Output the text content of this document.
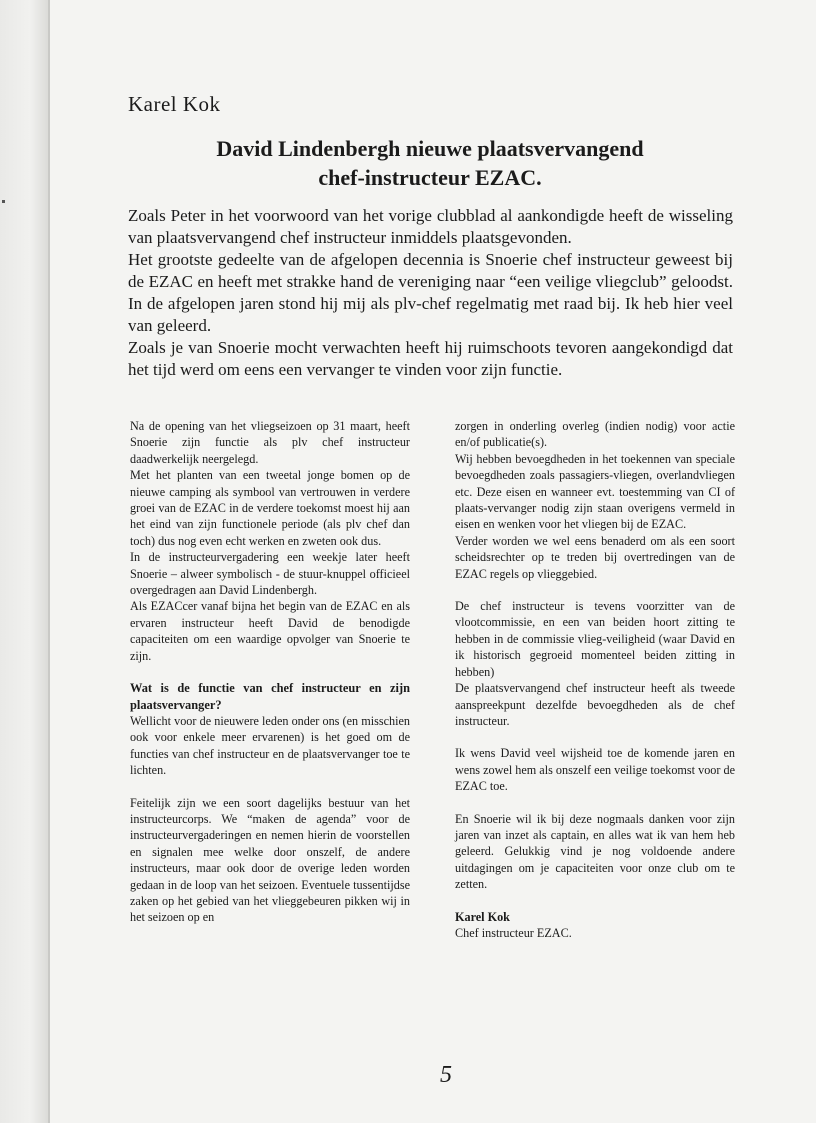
Karel Kok
David Lindenbergh nieuwe plaatsvervangend
chef-instructeur EZAC.

Zoals Peter in het voorwoord van het vorige clubblad al aankondigde heeft de wisseling van plaatsvervangend chef instructeur inmiddels plaatsgevonden.

Het grootste gedeelte van de afgelopen decennia is Snoerie chef instructeur geweest bij de EZAC en heeft met strakke hand de vereniging naar “een veilige vliegclub” geloodst. In de afgelopen jaren stond hij mij als plv-chef regelmatig met raad bij. Ik heb hier veel van geleerd.

Zoals je van Snoerie mocht verwachten heeft hij ruimschoots tevoren aangekondigd dat het tijd werd om eens een vervanger te vinden voor zijn functie.

Na de opening van het vliegseizoen op 31 maart, heeft Snoerie zijn functie als plv chef instructeur daadwerkelijk neergelegd.

Met het planten van een tweetal jonge bomen op de nieuwe camping als symbool van vertrouwen in verdere groei van de EZAC in de verdere toekomst moest hij aan het eind van zijn functionele periode (als plv chef dan toch) dus nog even echt werken en zweten ook dus.

In de instructeurvergadering een weekje later heeft Snoerie – alweer symbolisch - de stuur-knuppel officieel overgedragen aan David Lindenbergh.

Als EZACcer vanaf bijna het begin van de EZAC en als ervaren instructeur heeft David de benodigde capaciteiten om een waardige opvolger van Snoerie te zijn.

Wat is de functie van chef instructeur en zijn plaatsvervanger?

Wellicht voor de nieuwere leden onder ons (en misschien ook voor enkele meer ervarenen) is het goed om de functies van chef instructeur en de plaatsvervanger toe te lichten.

Feitelijk zijn we een soort dagelijks bestuur van het instructeurcorps. We “maken de agenda” voor de instructeurvergaderingen en nemen hierin de voorstellen en signalen mee welke door onszelf, de andere instructeurs, maar ook door de overige leden worden gedaan in de loop van het seizoen. Eventuele tussentijdse zaken op het gebied van het vlieggebeuren pikken wij in het seizoen op en

zorgen in onderling overleg (indien nodig) voor actie en/of publicatie(s).

Wij hebben bevoegdheden in het toekennen van speciale bevoegdheden zoals passagiers-vliegen, overlandvliegen etc. Deze eisen en wanneer evt. toestemming van CI of plaats-vervanger nodig zijn staan overigens vermeld in eisen en wenken voor het vliegen bij de EZAC.

Verder worden we wel eens benaderd om als een soort scheidsrechter op te treden bij overtredingen van de EZAC regels op vlieggebied.

De chef instructeur is tevens voorzitter van de vlootcommissie, en een van beiden hoort zitting te hebben in de commissie vlieg-veiligheid (waar David en ik historisch gegroeid momenteel beiden zitting in hebben)

De plaatsvervangend chef instructeur heeft als tweede aanspreekpunt dezelfde bevoegdheden als de chef instructeur.

Ik wens David veel wijsheid toe de komende jaren en wens zowel hem als onszelf een veilige toekomst voor de EZAC toe.

En Snoerie wil ik bij deze nogmaals danken voor zijn jaren van inzet als captain, en alles wat ik van hem heb geleerd. Gelukkig vind je nog voldoende andere uitdagingen om je capaciteiten voor onze club om te zetten.

Karel Kok
Chef instructeur EZAC.
5
